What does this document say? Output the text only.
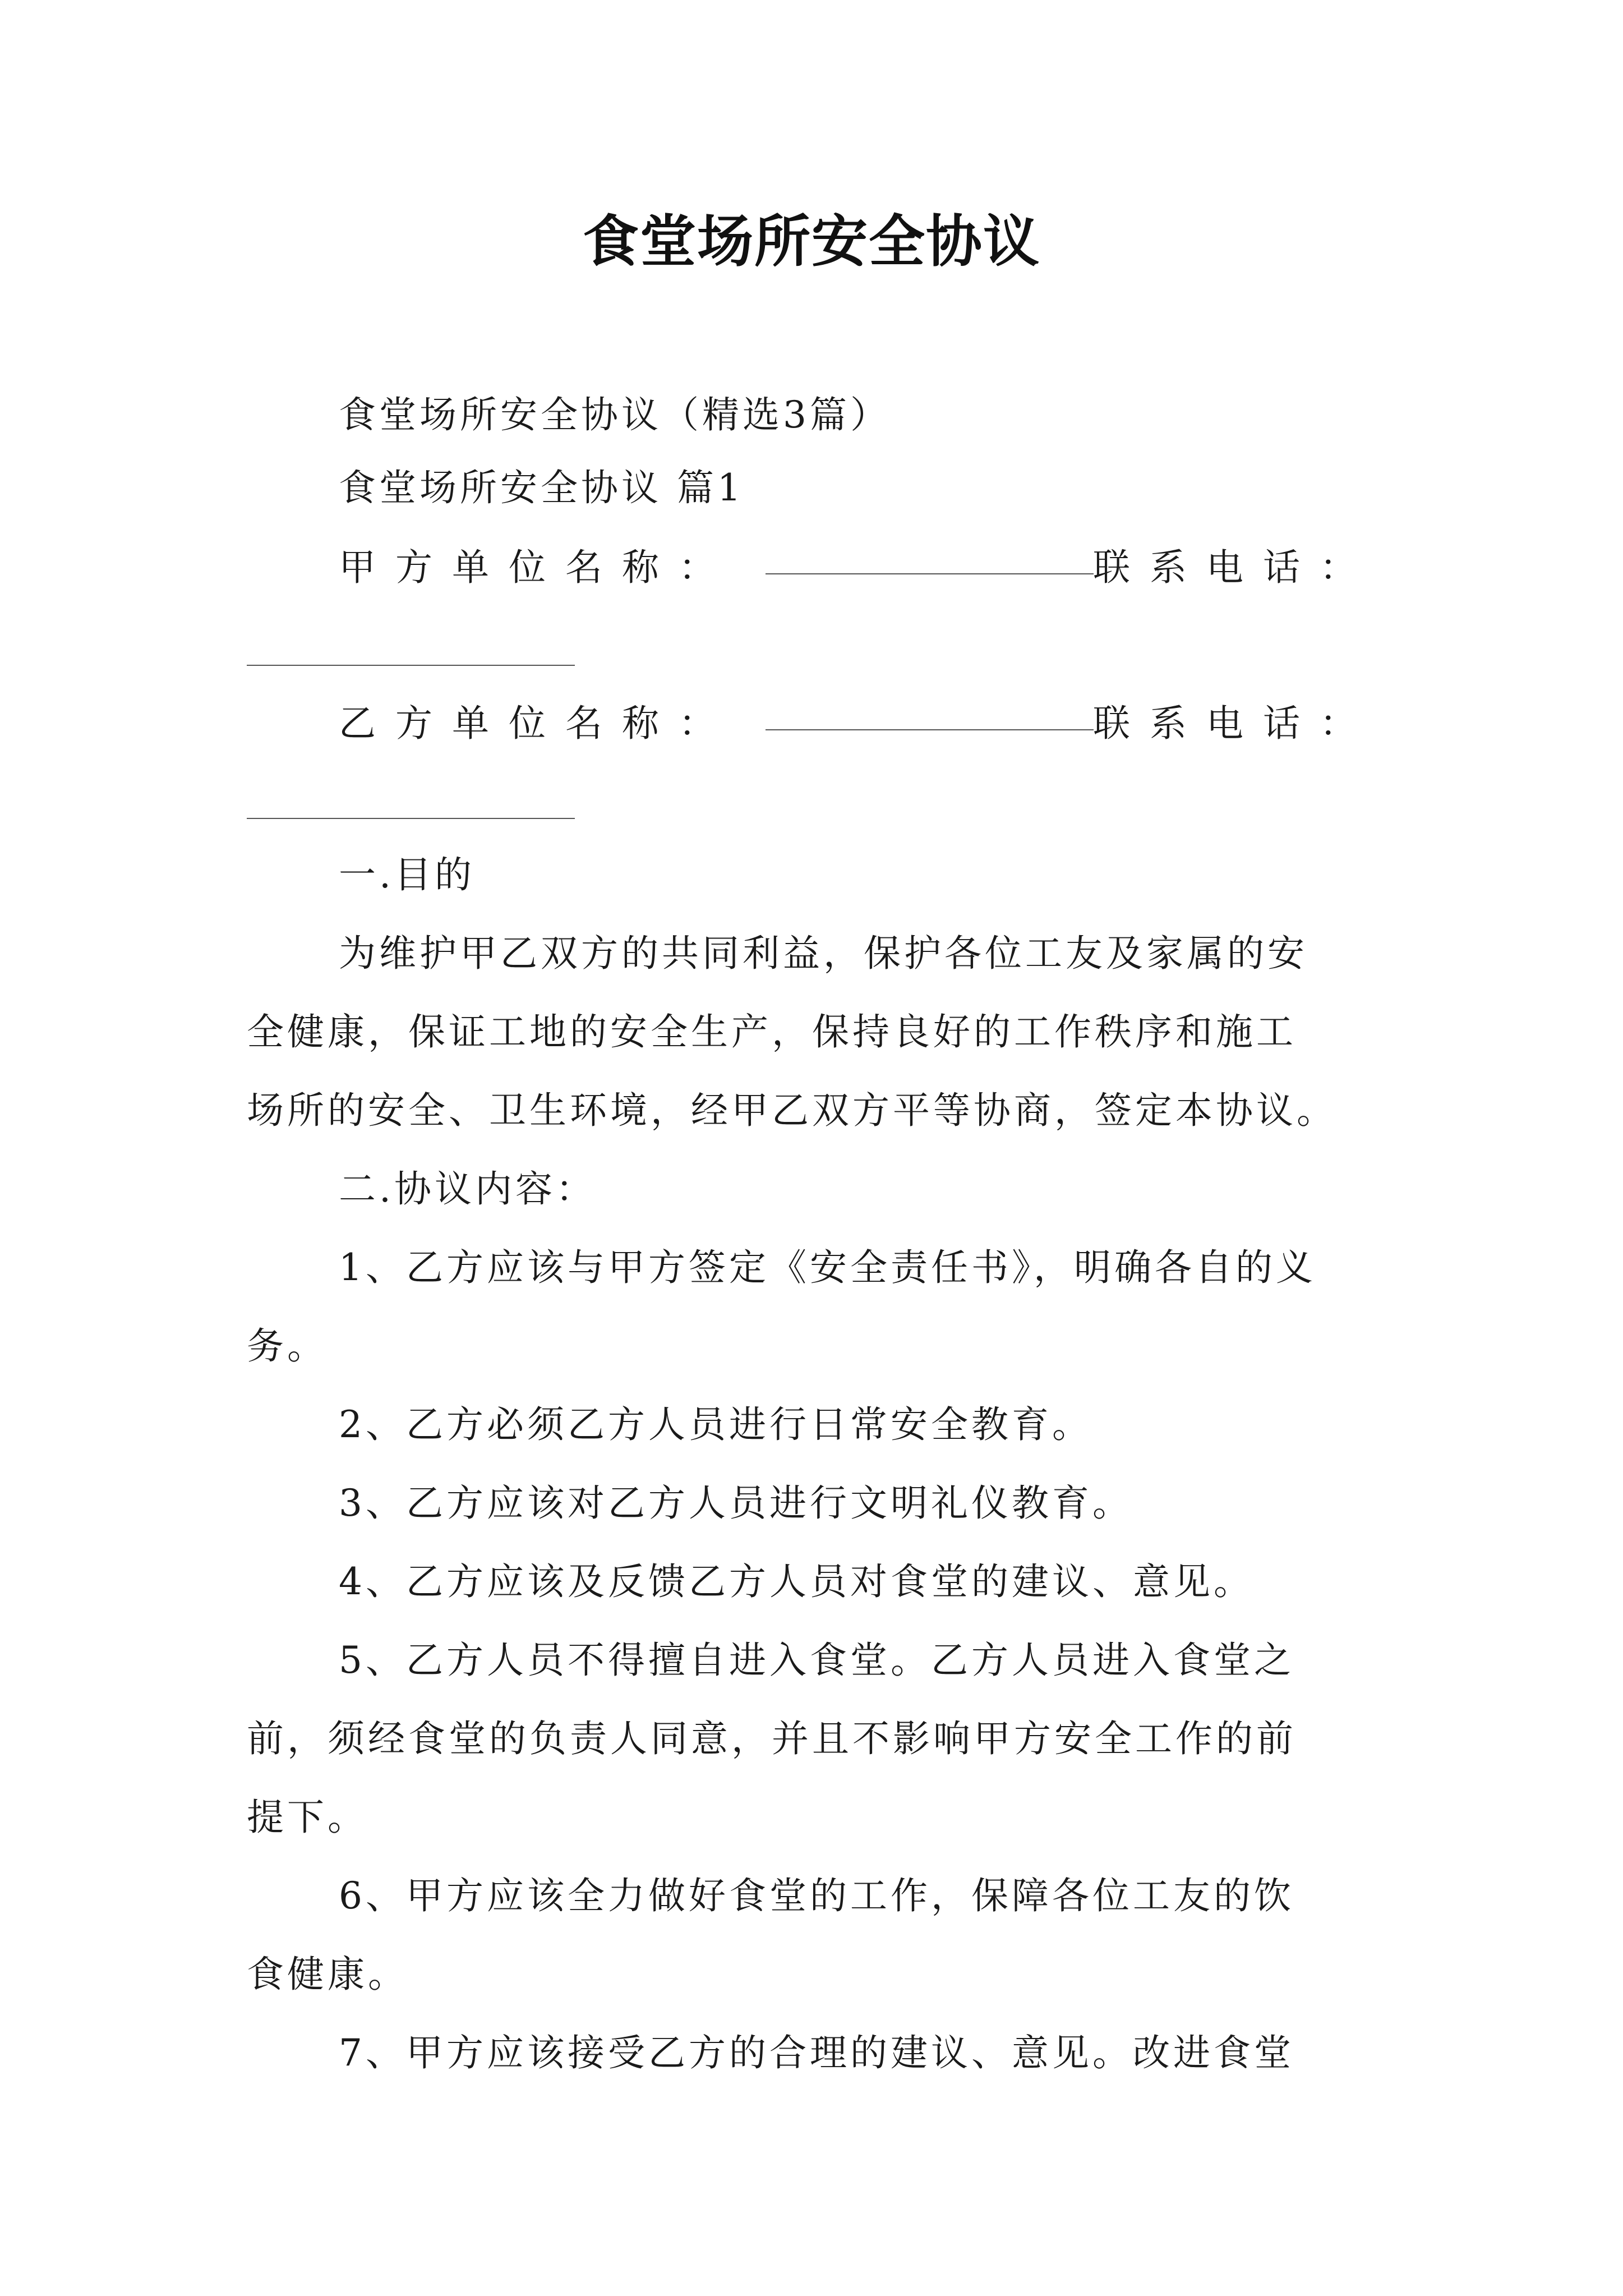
食堂场所安全协议
食堂场所安全协议（精选3篇）
食堂场所安全协议 篇1
甲方单位名称：	联系电话：
乙方单位名称：	联系电话：
一.目的
为维护甲乙双方的共同利益，保护各位工友及家属的安
全健康，保证工地的安全生产，保持良好的工作秩序和施工
场所的安全、卫生环境，经甲乙双方平等协商，签定本协议。
二.协议内容：
1、乙方应该与甲方签定《安全责任书》，明确各自的义
务。
2、乙方必须乙方人员进行日常安全教育。
3、乙方应该对乙方人员进行文明礼仪教育。
4、乙方应该及反馈乙方人员对食堂的建议、意见。
5、乙方人员不得擅自进入食堂。乙方人员进入食堂之
前，须经食堂的负责人同意，并且不影响甲方安全工作的前
提下。
6、甲方应该全力做好食堂的工作，保障各位工友的饮
食健康。
7、甲方应该接受乙方的合理的建议、意见。改进食堂
